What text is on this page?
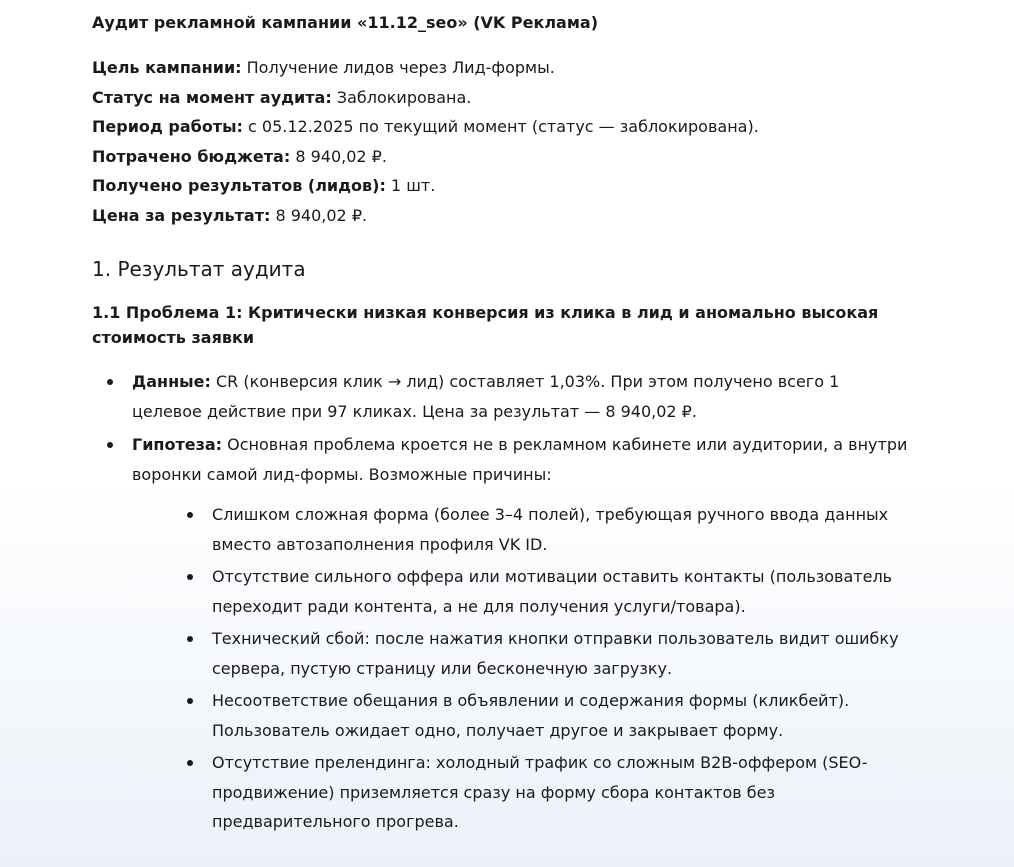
Аудит рекламной кампании «11.12_seo» (VK Реклама)

Цель кампании: Получение лидов через Лид-формы.

Статус на момент аудита: Заблокирована.

Период работы: с 05.12.2025 по текущий момент (статус — заблокирована).

Потрачено бюджета: 8 940,02 ₽.

Получено результатов (лидов): 1 шт.

Цена за результат: 8 940,02 ₽.

1. Результат аудита
1.1 Проблема 1: Критически низкая конверсия из клика в лид и аномально высокая стоимость заявки
Данные: CR (конверсия клик → лид) составляет 1,03%. При этом получено всего 1 целевое действие при 97 кликах. Цена за результат — 8 940,02 ₽.
Гипотеза: Основная проблема кроется не в рекламном кабинете или аудитории, а внутри воронки самой лид-формы. Возможные причины:
Слишком сложная форма (более 3–4 полей), требующая ручного ввода данных вместо автозаполнения профиля VK ID.
Отсутствие сильного оффера или мотивации оставить контакты (пользователь переходит ради контента, а не для получения услуги/товара).
Технический сбой: после нажатия кнопки отправки пользователь видит ошибку сервера, пустую страницу или бесконечную загрузку.
Несоответствие обещания в объявлении и содержания формы (кликбейт). Пользователь ожидает одно, получает другое и закрывает форму.
Отсутствие прелендинга: холодный трафик со сложным B2B-оффером (SEO-продвижение) приземляется сразу на форму сбора контактов без предварительного прогрева.
